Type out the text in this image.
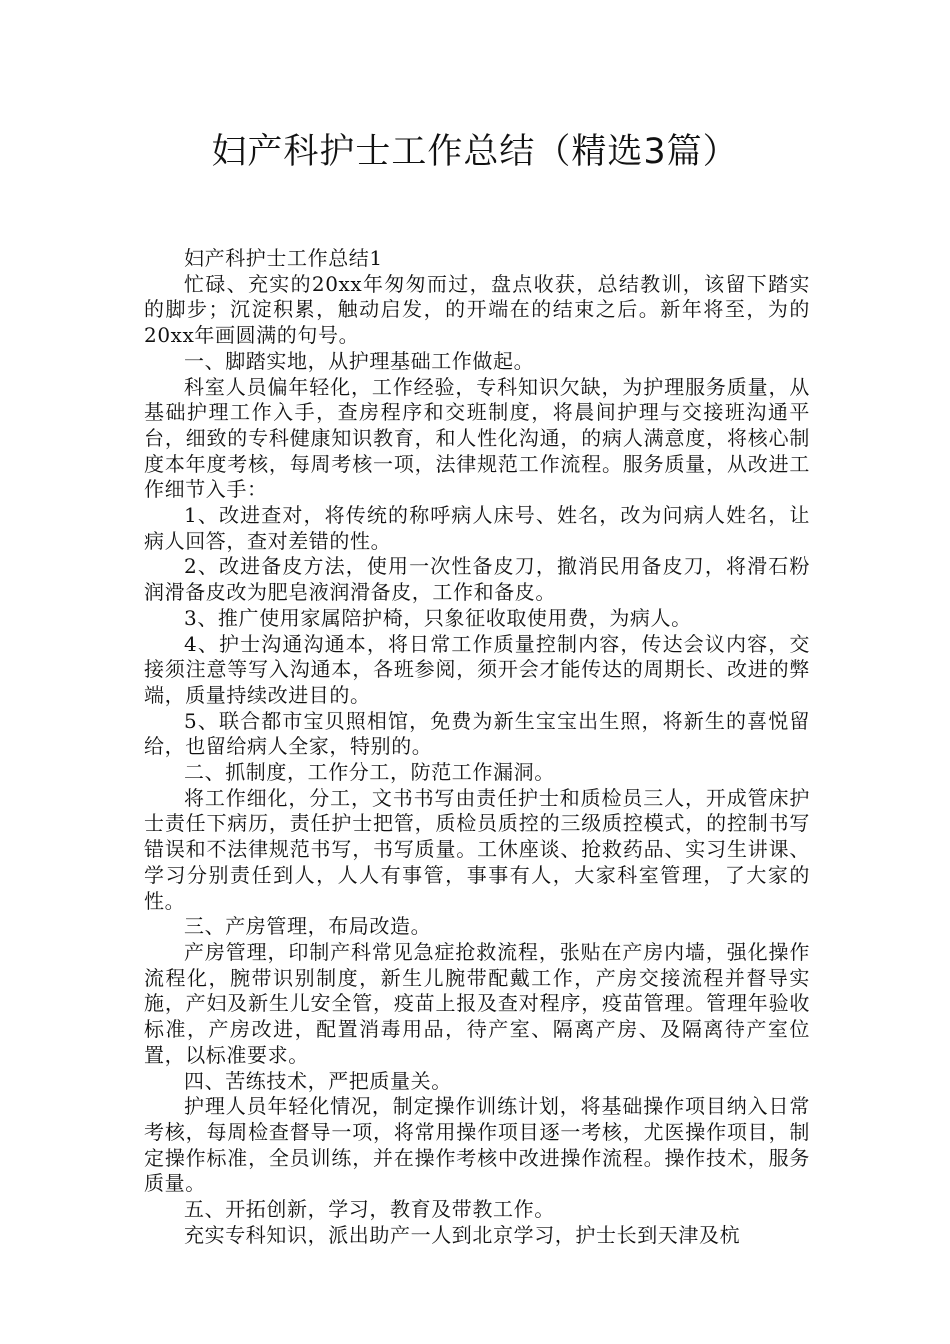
妇产科护士工作总结（精选3篇）

妇产科护士工作总结1

忙碌、充实的20xx年匆匆而过，盘点收获，总结教训，该留下踏实的脚步；沉淀积累，触动启发，的开端在的结束之后。新年将至，为的20xx年画圆满的句号。

一、脚踏实地，从护理基础工作做起。

科室人员偏年轻化，工作经验，专科知识欠缺，为护理服务质量，从基础护理工作入手，查房程序和交班制度，将晨间护理与交接班沟通平台，细致的专科健康知识教育，和人性化沟通，的病人满意度，将核心制度本年度考核，每周考核一项，法律规范工作流程。服务质量，从改进工作细节入手：

1、改进查对，将传统的称呼病人床号、姓名，改为问病人姓名，让病人回答，查对差错的性。

2、改进备皮方法，使用一次性备皮刀，撤消民用备皮刀，将滑石粉润滑备皮改为肥皂液润滑备皮，工作和备皮。

3、推广使用家属陪护椅，只象征收取使用费，为病人。

4、护士沟通沟通本，将日常工作质量控制内容，传达会议内容，交接须注意等写入沟通本，各班参阅，须开会才能传达的周期长、改进的弊端，质量持续改进目的。

5、联合都市宝贝照相馆，免费为新生宝宝出生照，将新生的喜悦留给，也留给病人全家，特别的。

二、抓制度，工作分工，防范工作漏洞。

将工作细化，分工，文书书写由责任护士和质检员三人，开成管床护士责任下病历，责任护士把管，质检员质控的三级质控模式，的控制书写错误和不法律规范书写，书写质量。工休座谈、抢救药品、实习生讲课、学习分别责任到人，人人有事管，事事有人，大家科室管理，了大家的性。

三、产房管理，布局改造。

产房管理，印制产科常见急症抢救流程，张贴在产房内墙，强化操作流程化，腕带识别制度，新生儿腕带配戴工作，产房交接流程并督导实施，产妇及新生儿安全管，疫苗上报及查对程序，疫苗管理。管理年验收标准，产房改进，配置消毒用品，待产室、隔离产房、及隔离待产室位置，以标准要求。

四、苦练技术，严把质量关。

护理人员年轻化情况，制定操作训练计划，将基础操作项目纳入日常考核，每周检查督导一项，将常用操作项目逐一考核，尤医操作项目，制定操作标准，全员训练，并在操作考核中改进操作流程。操作技术，服务质量。

五、开拓创新，学习，教育及带教工作。

充实专科知识，派出助产一人到北京学习，护士长到天津及杭
